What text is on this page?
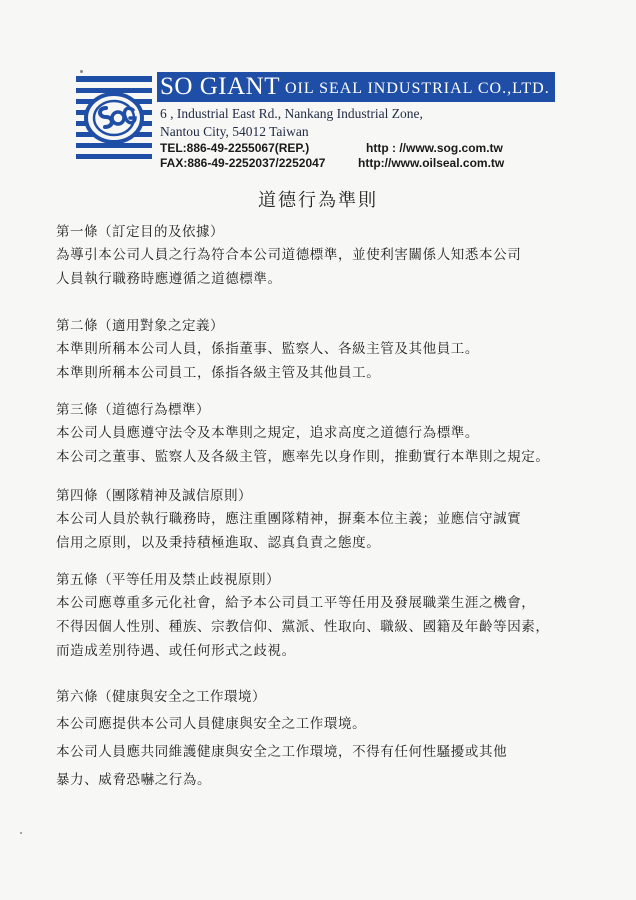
SO GIANT OIL SEAL INDUSTRIAL CO.,LTD.
6 , Industrial East Rd., Nankang Industrial Zone,
Nantou City, 54012 Taiwan
TEL:886-49-2255067(REP.)
FAX:886-49-2252037/2252047
http : //www.sog.com.tw
http://www.oilseal.com.tw
道德行為準則
第一條（訂定目的及依據）
為導引本公司人員之行為符合本公司道德標準，並使利害關係人知悉本公司
人員執行職務時應遵循之道德標準。
第二條（適用對象之定義）
本準則所稱本公司人員，係指董事、監察人、各級主管及其他員工。
本準則所稱本公司員工，係指各級主管及其他員工。
第三條（道德行為標準）
本公司人員應遵守法令及本準則之規定，追求高度之道德行為標準。
本公司之董事、監察人及各級主管，應率先以身作則，推動實行本準則之規定。
第四條（團隊精神及誠信原則）
本公司人員於執行職務時，應注重團隊精神，摒棄本位主義；並應信守誠實
信用之原則，以及秉持積極進取、認真負責之態度。
第五條（平等任用及禁止歧視原則）
本公司應尊重多元化社會，給予本公司員工平等任用及發展職業生涯之機會，
不得因個人性別、種族、宗教信仰、黨派、性取向、職級、國籍及年齡等因素，
而造成差別待遇、或任何形式之歧視。
第六條（健康與安全之工作環境）
本公司應提供本公司人員健康與安全之工作環境。
本公司人員應共同維護健康與安全之工作環境，不得有任何性騷擾或其他
暴力、威脅恐嚇之行為。
